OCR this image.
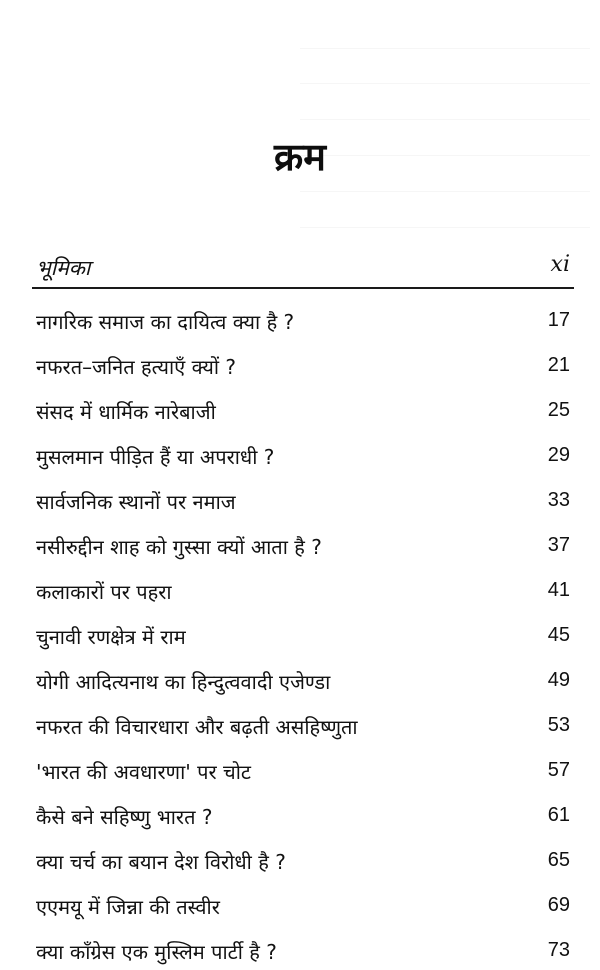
क्रम
भूमिका	xi
नागरिक समाज का दायित्व क्या है ?	17
नफरत–जनित हत्याएँ क्यों ?	21
संसद में धार्मिक नारेबाजी	25
मुसलमान पीड़ित हैं या अपराधी ?	29
सार्वजनिक स्थानों पर नमाज	33
नसीरुद्दीन शाह को गुस्सा क्यों आता है ?	37
कलाकारों पर पहरा	41
चुनावी रणक्षेत्र में राम	45
योगी आदित्यनाथ का हिन्दुत्ववादी एजेण्डा	49
नफरत की विचारधारा और बढ़ती असहिष्णुता	53
'भारत की अवधारणा' पर चोट	57
कैसे बने सहिष्णु भारत ?	61
क्या चर्च का बयान देश विरोधी है ?	65
एएमयू में जिन्ना की तस्वीर	69
क्या काँग्रेस एक मुस्लिम पार्टी है ?	73
